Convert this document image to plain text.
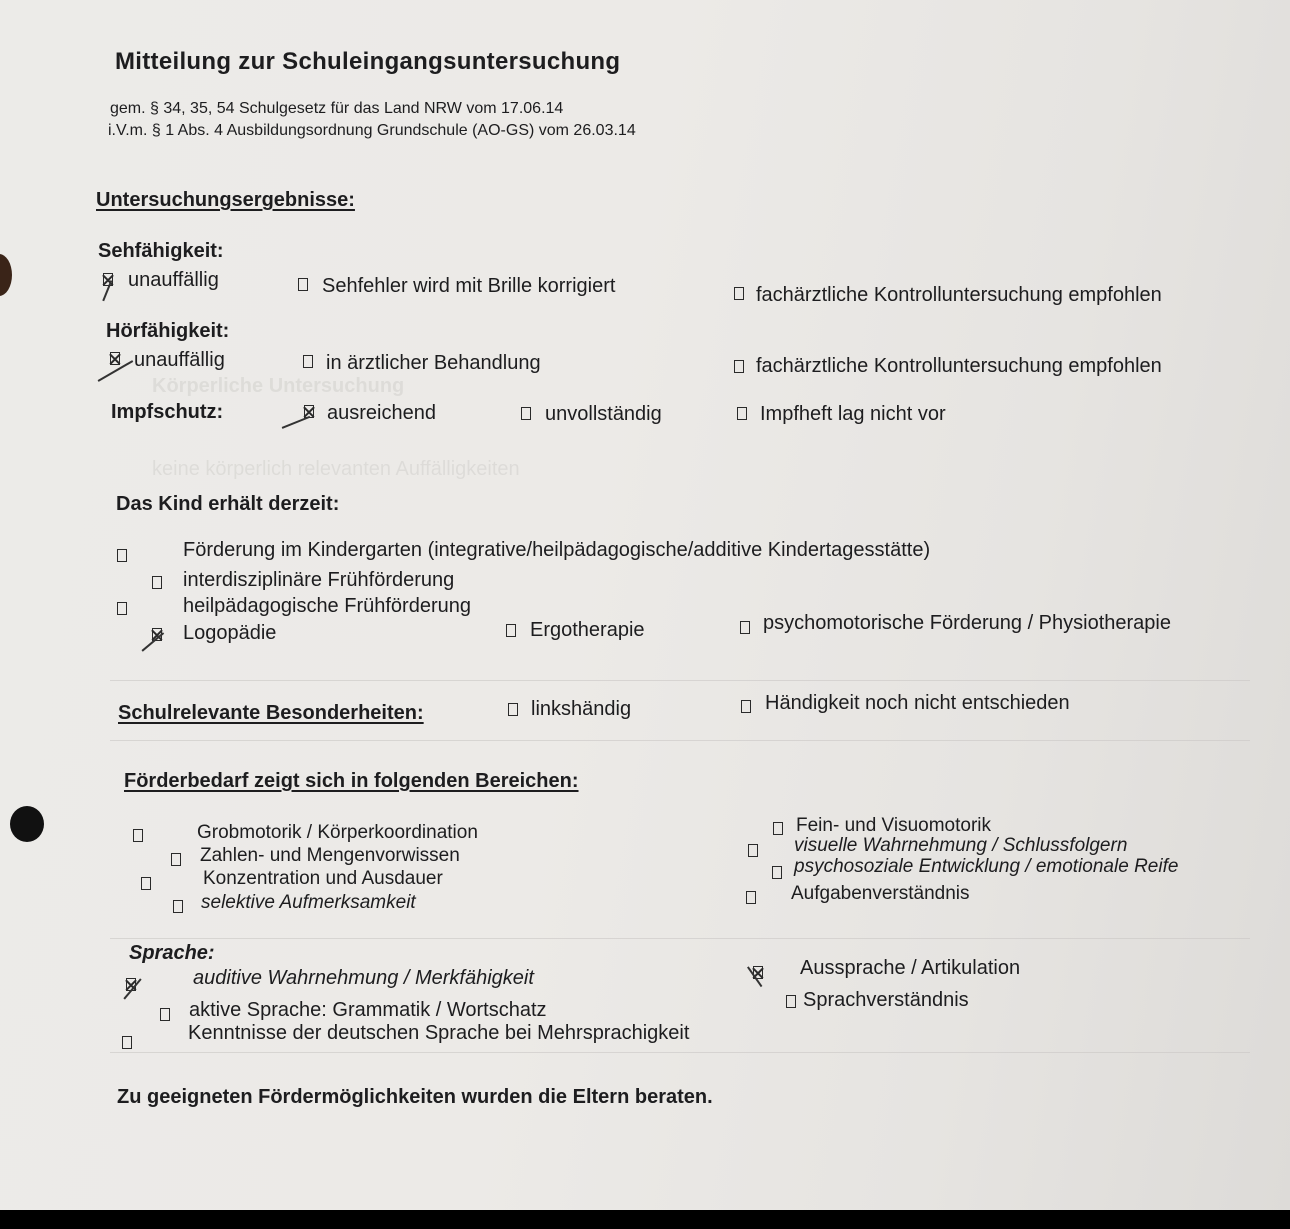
Körperliche Untersuchung
keine körperlich relevanten Auffälligkeiten
Mitteilung zur Schuleingangsuntersuchung
gem. § 34, 35, 54 Schulgesetz für das Land NRW vom 17.06.14
i.V.m. § 1 Abs. 4 Ausbildungsordnung Grundschule (AO-GS) vom 26.03.14
Untersuchungsergebnisse:
Sehfähigkeit:
unauffällig	Sehfehler wird mit Brille korrigiert	fachärztliche Kontrolluntersuchung empfohlen
Hörfähigkeit:
unauffällig	in ärztlicher Behandlung	fachärztliche Kontrolluntersuchung empfohlen
Impfschutz:	ausreichend	unvollständig	Impfheft lag nicht vor
Das Kind erhält derzeit:
Förderung im Kindergarten (integrative/heilpädagogische/additive Kindertagesstätte)
interdisziplinäre Frühförderung
heilpädagogische Frühförderung
Logopädie	Ergotherapie	psychomotorische Förderung / Physiotherapie
Schulrelevante Besonderheiten:	linkshändig	Händigkeit noch nicht entschieden
Förderbedarf zeigt sich in folgenden Bereichen:
Grobmotorik / Körperkoordination
Zahlen- und Mengenvorwissen
Konzentration und Ausdauer
selektive Aufmerksamkeit
Fein- und Visuomotorik
visuelle Wahrnehmung / Schlussfolgern
psychosoziale Entwicklung / emotionale Reife
Aufgabenverständnis
Sprache:
auditive Wahrnehmung / Merkfähigkeit
aktive Sprache: Grammatik / Wortschatz
Kenntnisse der deutschen Sprache bei Mehrsprachigkeit
Aussprache / Artikulation
Sprachverständnis
Zu geeigneten Fördermöglichkeiten wurden die Eltern beraten.
